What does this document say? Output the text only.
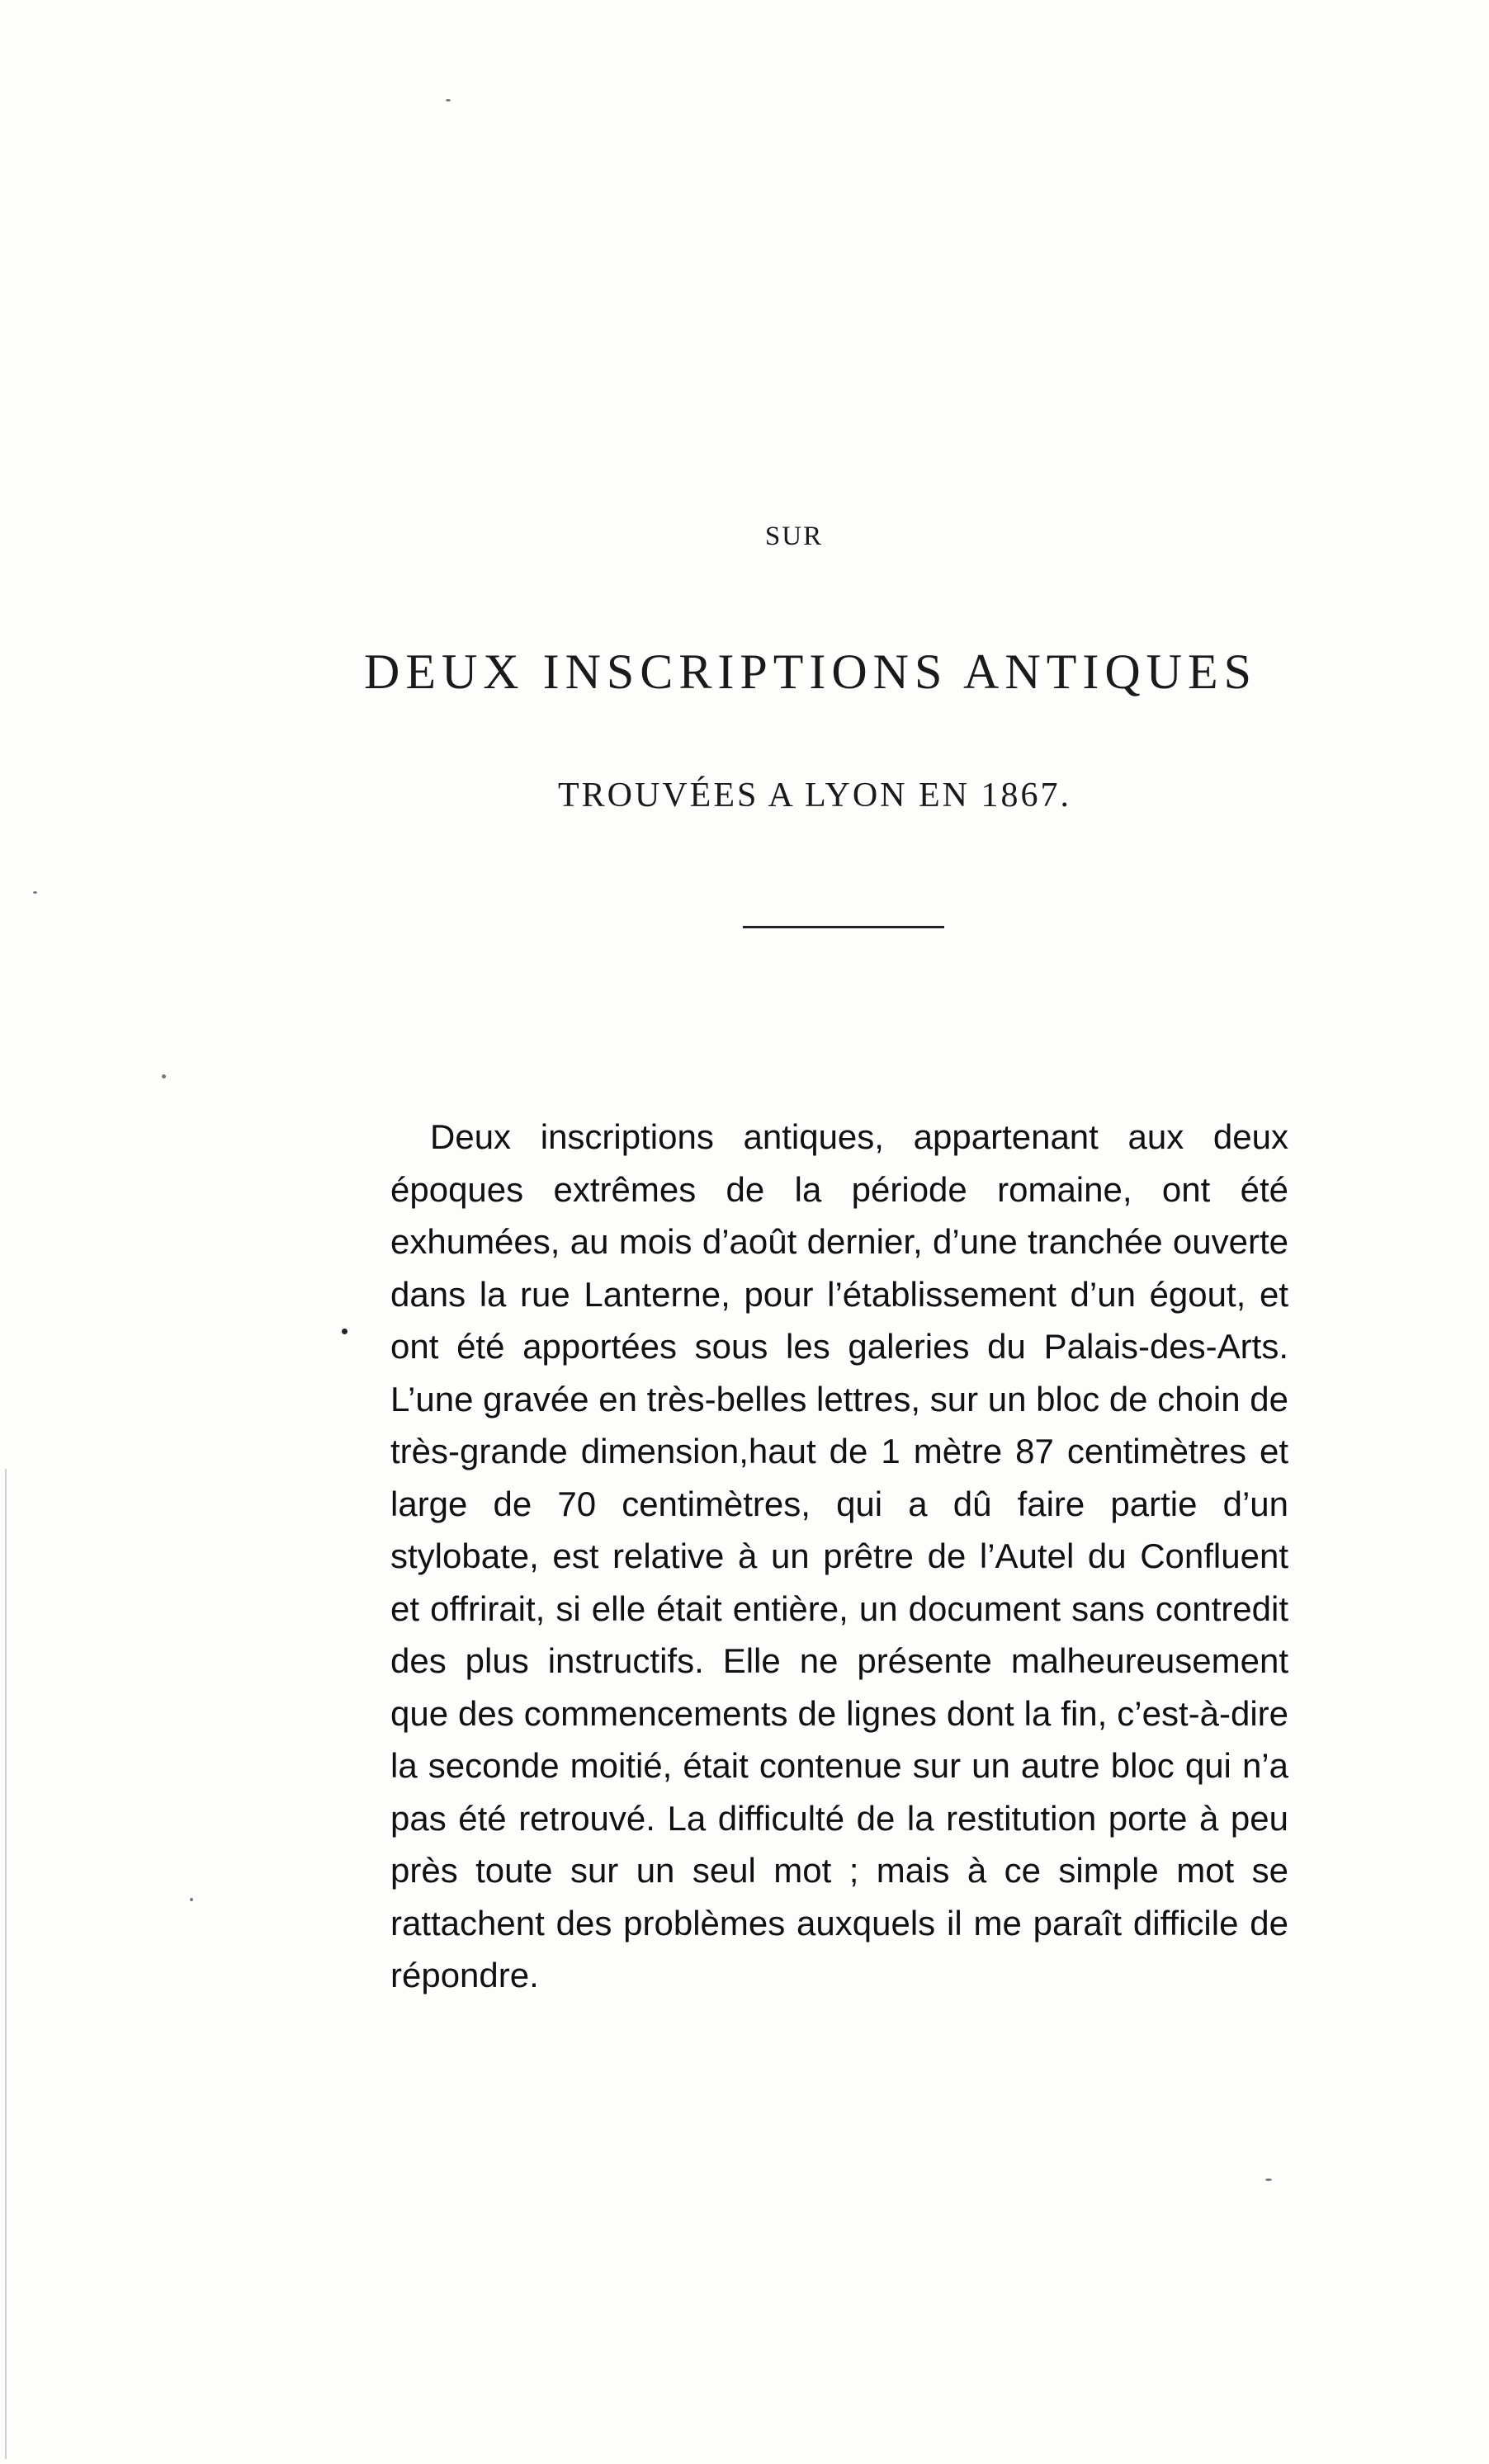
SUR
DEUX INSCRIPTIONS ANTIQUES
TROUVÉES A LYON EN 1867.

Deux inscriptions antiques, appartenant aux deux époques extrêmes de la période romaine, ont été exhumées, au mois d’août dernier, d’une tranchée ouverte dans la rue Lanterne, pour l’établissement d’un égout, et ont été apportées sous les galeries du Palais-des-Arts. L’une gravée en très-belles lettres, sur un bloc de choin de très-grande dimension,haut de 1 mètre 87 centimètres et large de 70 centimètres, qui a dû faire partie d’un stylobate, est relative à un prêtre de l’Autel du Confluent et offrirait, si elle était entière, un document sans contredit des plus instructifs. Elle ne présente malheureusement que des commencements de lignes dont la fin, c’est-à-dire la seconde moitié, était contenue sur un autre bloc qui n’a pas été retrouvé. La difficulté de la restitution porte à peu près toute sur un seul mot ; mais à ce simple mot se rattachent des problèmes auxquels il me paraît difficile de répondre.
